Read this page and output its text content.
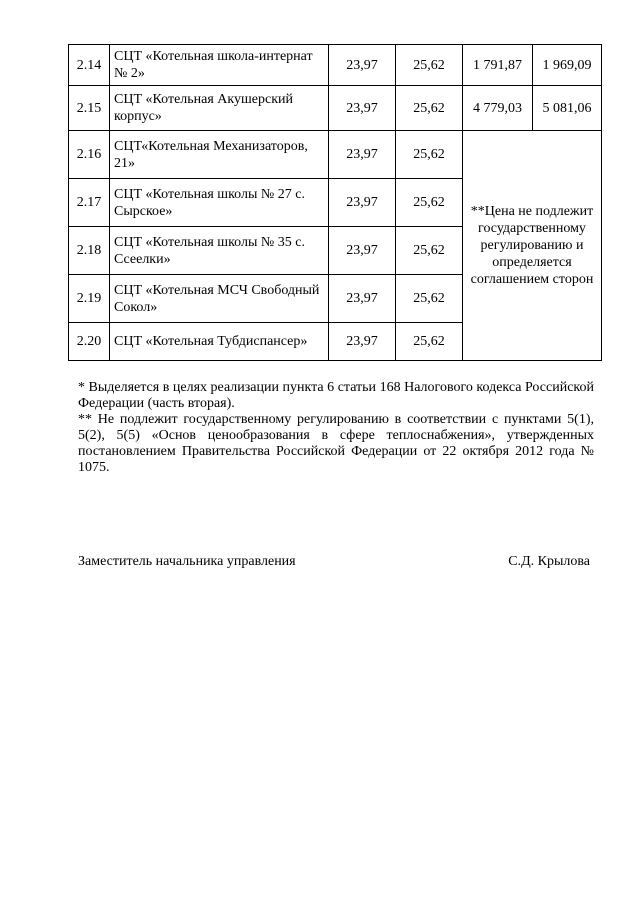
2.14	СЦТ «Котельная школа-интернат № 2»	23,97	25,62	1 791,87	1 969,09
2.15	СЦТ «Котельная Акушерский корпус»	23,97	25,62	4 779,03	5 081,06
2.16	СЦТ«Котельная Механизаторов, 21»	23,97	25,62	**Цена не подлежит государственному регулированию и определяется соглашением сторон	
2.17	СЦТ «Котельная школы № 27 с. Сырское»	23,97	25,62		
2.18	СЦТ «Котельная школы № 35 с. Ссеелки»	23,97	25,62		
2.19	СЦТ «Котельная МСЧ Свободный Сокол»	23,97	25,62		
2.20	СЦТ «Котельная Тубдиспансер»	23,97	25,62		

* Выделяется в целях реализации пункта 6 статьи 168 Налогового кодекса Российской Федерации (часть вторая).

** Не подлежит государственному регулированию в соответствии с пунктами 5(1), 5(2), 5(5) «Основ ценообразования в сфере теплоснабжения», утвержденных постановлением Правительства Российской Федерации от 22 октября 2012 года № 1075.

Заместитель начальника управления	С.Д. Крылова
